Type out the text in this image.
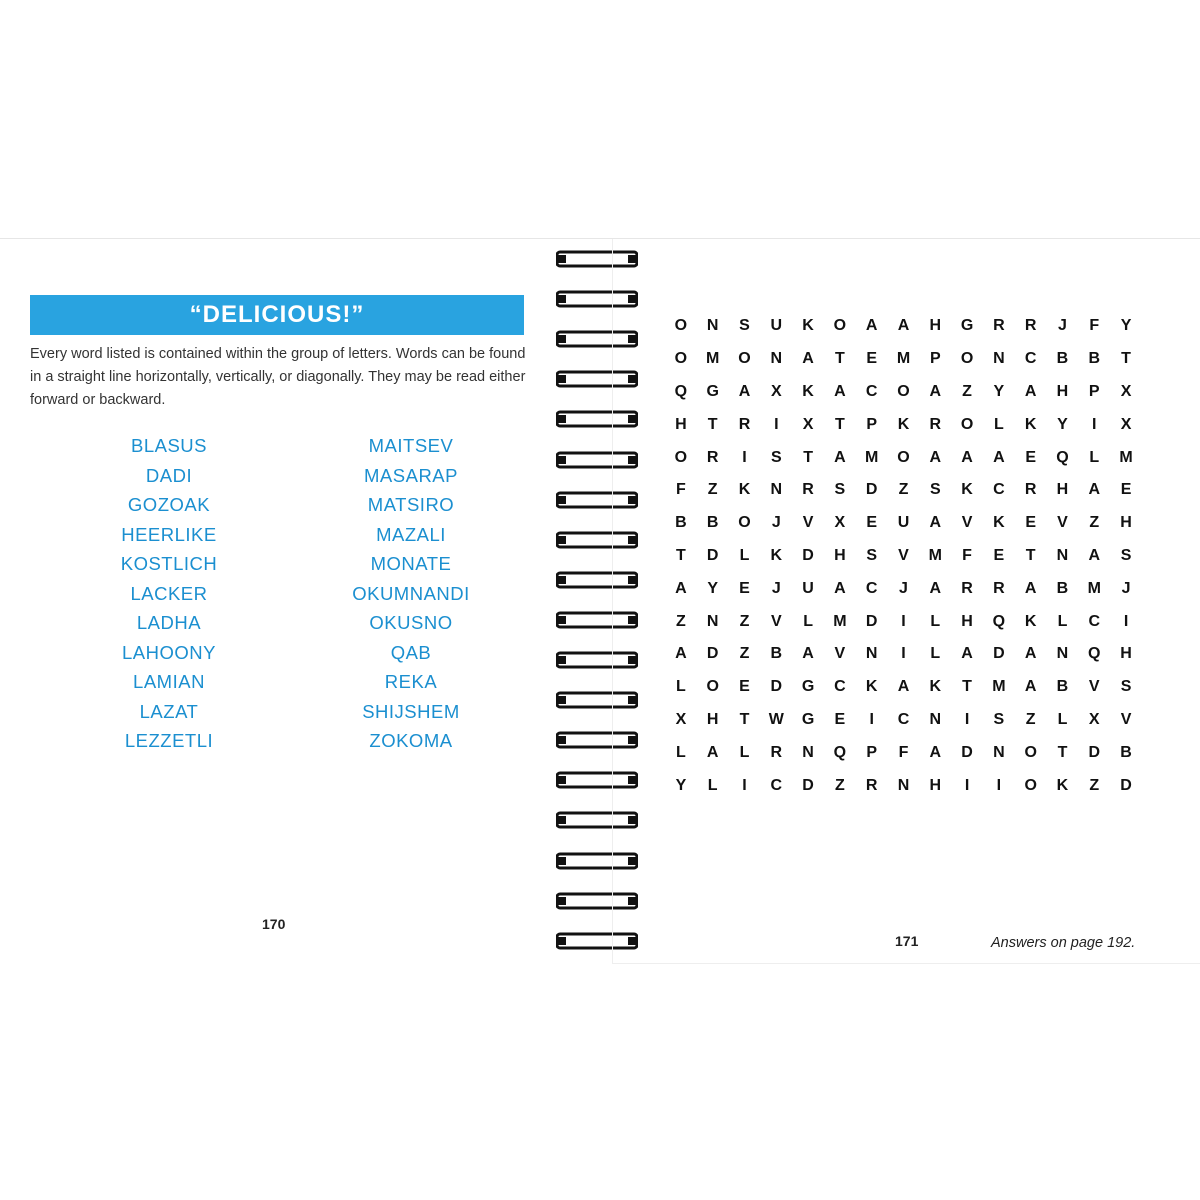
“DELICIOUS!”

Every word listed is contained within the group of letters. Words can be found in a straight line horizontally, vertically, or diagonally. They may be read either forward or backward.

BLASUS
DADI
GOZOAK
HEERLIKE
KOSTLICH
LACKER
LADHA
LAHOONY
LAMIAN
LAZAT
LEZZETLI
MAITSEV
MASARAP
MATSIRO
MAZALI
MONATE
OKUMNANDI
OKUSNO
QAB
REKA
SHIJSHEM
ZOKOMA
170
171	Answers on page 192.
O	N	S	U	K	O	A	A	H	G	R	R	J	F	Y
O	M	O	N	A	T	E	M	P	O	N	C	B	B	T
Q	G	A	X	K	A	C	O	A	Z	Y	A	H	P	X
H	T	R	I	X	T	P	K	R	O	L	K	Y	I	X
O	R	I	S	T	A	M	O	A	A	A	E	Q	L	M
F	Z	K	N	R	S	D	Z	S	K	C	R	H	A	E
B	B	O	J	V	X	E	U	A	V	K	E	V	Z	H
T	D	L	K	D	H	S	V	M	F	E	T	N	A	S
A	Y	E	J	U	A	C	J	A	R	R	A	B	M	J
Z	N	Z	V	L	M	D	I	L	H	Q	K	L	C	I
A	D	Z	B	A	V	N	I	L	A	D	A	N	Q	H
L	O	E	D	G	C	K	A	K	T	M	A	B	V	S
X	H	T	W	G	E	I	C	N	I	S	Z	L	X	V
L	A	L	R	N	Q	P	F	A	D	N	O	T	D	B
Y	L	I	C	D	Z	R	N	H	I	I	O	K	Z	D
